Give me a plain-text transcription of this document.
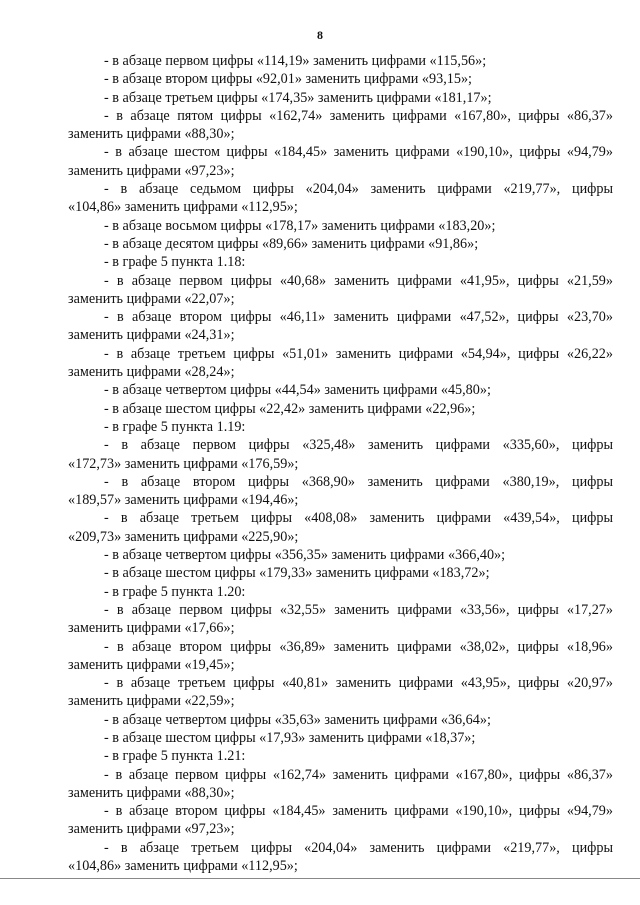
8

- в абзаце первом цифры «114,19» заменить цифрами «115,56»;

- в абзаце втором цифры «92,01» заменить цифрами «93,15»;

- в абзаце третьем цифры «174,35» заменить цифрами «181,17»;

- в абзаце пятом цифры «162,74» заменить цифрами «167,80», цифры «86,37»

заменить цифрами «88,30»;

- в абзаце шестом цифры «184,45» заменить цифрами «190,10», цифры «94,79»

заменить цифрами «97,23»;

- в абзаце седьмом цифры «204,04» заменить цифрами «219,77», цифры

«104,86» заменить цифрами «112,95»;

- в абзаце восьмом цифры «178,17» заменить цифрами «183,20»;

- в абзаце десятом цифры «89,66» заменить цифрами «91,86»;

- в графе 5 пункта 1.18:

- в абзаце первом цифры «40,68» заменить цифрами «41,95», цифры «21,59»

заменить цифрами «22,07»;

- в абзаце втором цифры «46,11» заменить цифрами «47,52», цифры «23,70»

заменить цифрами «24,31»;

- в абзаце третьем цифры «51,01» заменить цифрами «54,94», цифры «26,22»

заменить цифрами «28,24»;

- в абзаце четвертом цифры «44,54» заменить цифрами «45,80»;

- в абзаце шестом цифры «22,42» заменить цифрами «22,96»;

- в графе 5 пункта 1.19:

- в абзаце первом цифры «325,48» заменить цифрами «335,60», цифры

«172,73» заменить цифрами «176,59»;

- в абзаце втором цифры «368,90» заменить цифрами «380,19», цифры

«189,57» заменить цифрами «194,46»;

- в абзаце третьем цифры «408,08» заменить цифрами «439,54», цифры

«209,73» заменить цифрами «225,90»;

- в абзаце четвертом цифры «356,35» заменить цифрами «366,40»;

- в абзаце шестом цифры «179,33» заменить цифрами «183,72»;

- в графе 5 пункта 1.20:

- в абзаце первом цифры «32,55» заменить цифрами «33,56», цифры «17,27»

заменить цифрами «17,66»;

- в абзаце втором цифры «36,89» заменить цифрами «38,02», цифры «18,96»

заменить цифрами «19,45»;

- в абзаце третьем цифры «40,81» заменить цифрами «43,95», цифры «20,97»

заменить цифрами «22,59»;

- в абзаце четвертом цифры «35,63» заменить цифрами «36,64»;

- в абзаце шестом цифры «17,93» заменить цифрами «18,37»;

- в графе 5 пункта 1.21:

- в абзаце первом цифры «162,74» заменить цифрами «167,80», цифры «86,37»

заменить цифрами «88,30»;

- в абзаце втором цифры «184,45» заменить цифрами «190,10», цифры «94,79»

заменить цифрами «97,23»;

- в абзаце третьем цифры «204,04» заменить цифрами «219,77», цифры

«104,86» заменить цифрами «112,95»;
